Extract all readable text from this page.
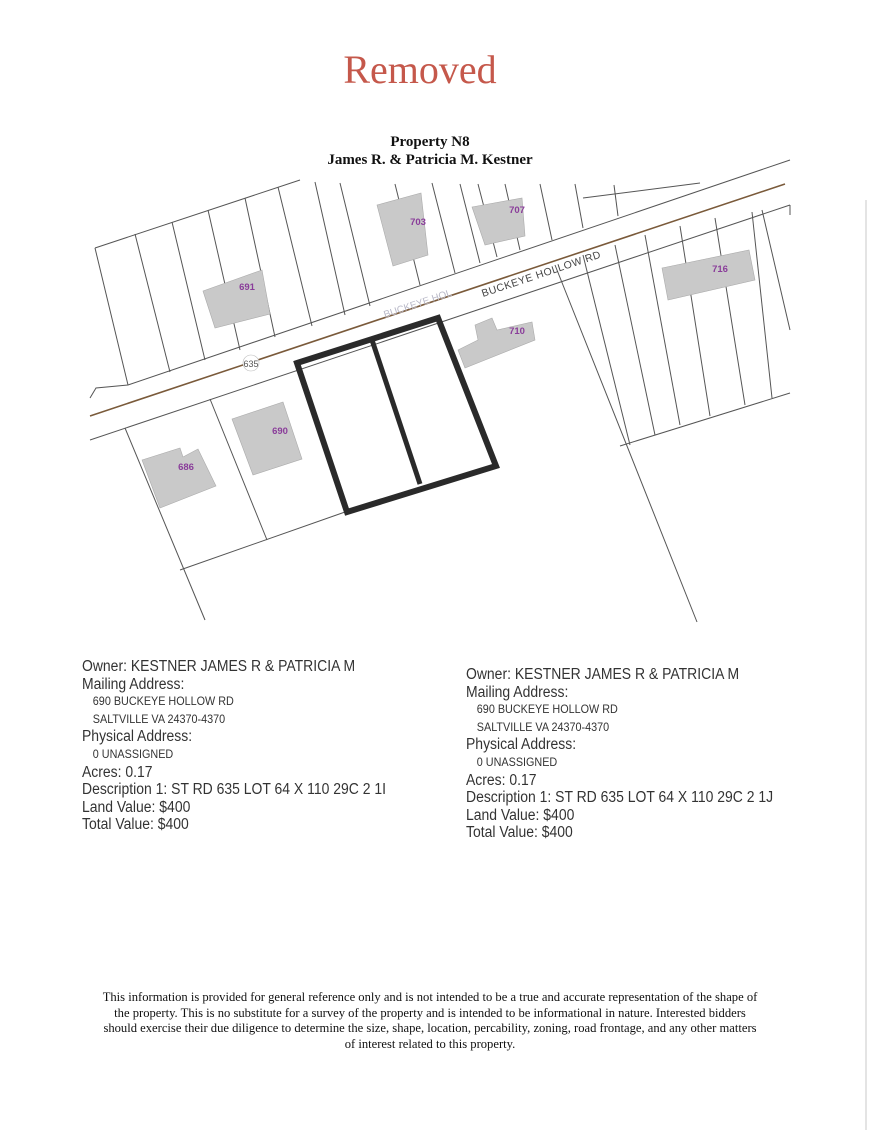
Removed
Property N8
James R. & Patricia M. Kestner
691
703
707
710
716
690
686
BUCKEYE HOLLOW RD
BUCKEYE HOL
635
Owner: KESTNER JAMES R & PATRICIA M
Mailing Address:
690 BUCKEYE HOLLOW RD
SALTVILLE VA 24370-4370
Physical Address:
0 UNASSIGNED
Acres: 0.17
Description 1: ST RD 635 LOT 64 X 110 29C 2 1I
Land Value: $400
Total Value: $400
Owner: KESTNER JAMES R & PATRICIA M
Mailing Address:
690 BUCKEYE HOLLOW RD
SALTVILLE VA 24370-4370
Physical Address:
0 UNASSIGNED
Acres: 0.17
Description 1: ST RD 635 LOT 64 X 110 29C 2 1J
Land Value: $400
Total Value: $400
This information is provided for general reference only and is not intended to be a true and accurate representation of the shape of the property. This is no substitute for a survey of the property and is intended to be informational in nature. Interested bidders should exercise their due diligence to determine the size, shape, location, percability, zoning, road frontage, and any other matters of interest related to this property.
